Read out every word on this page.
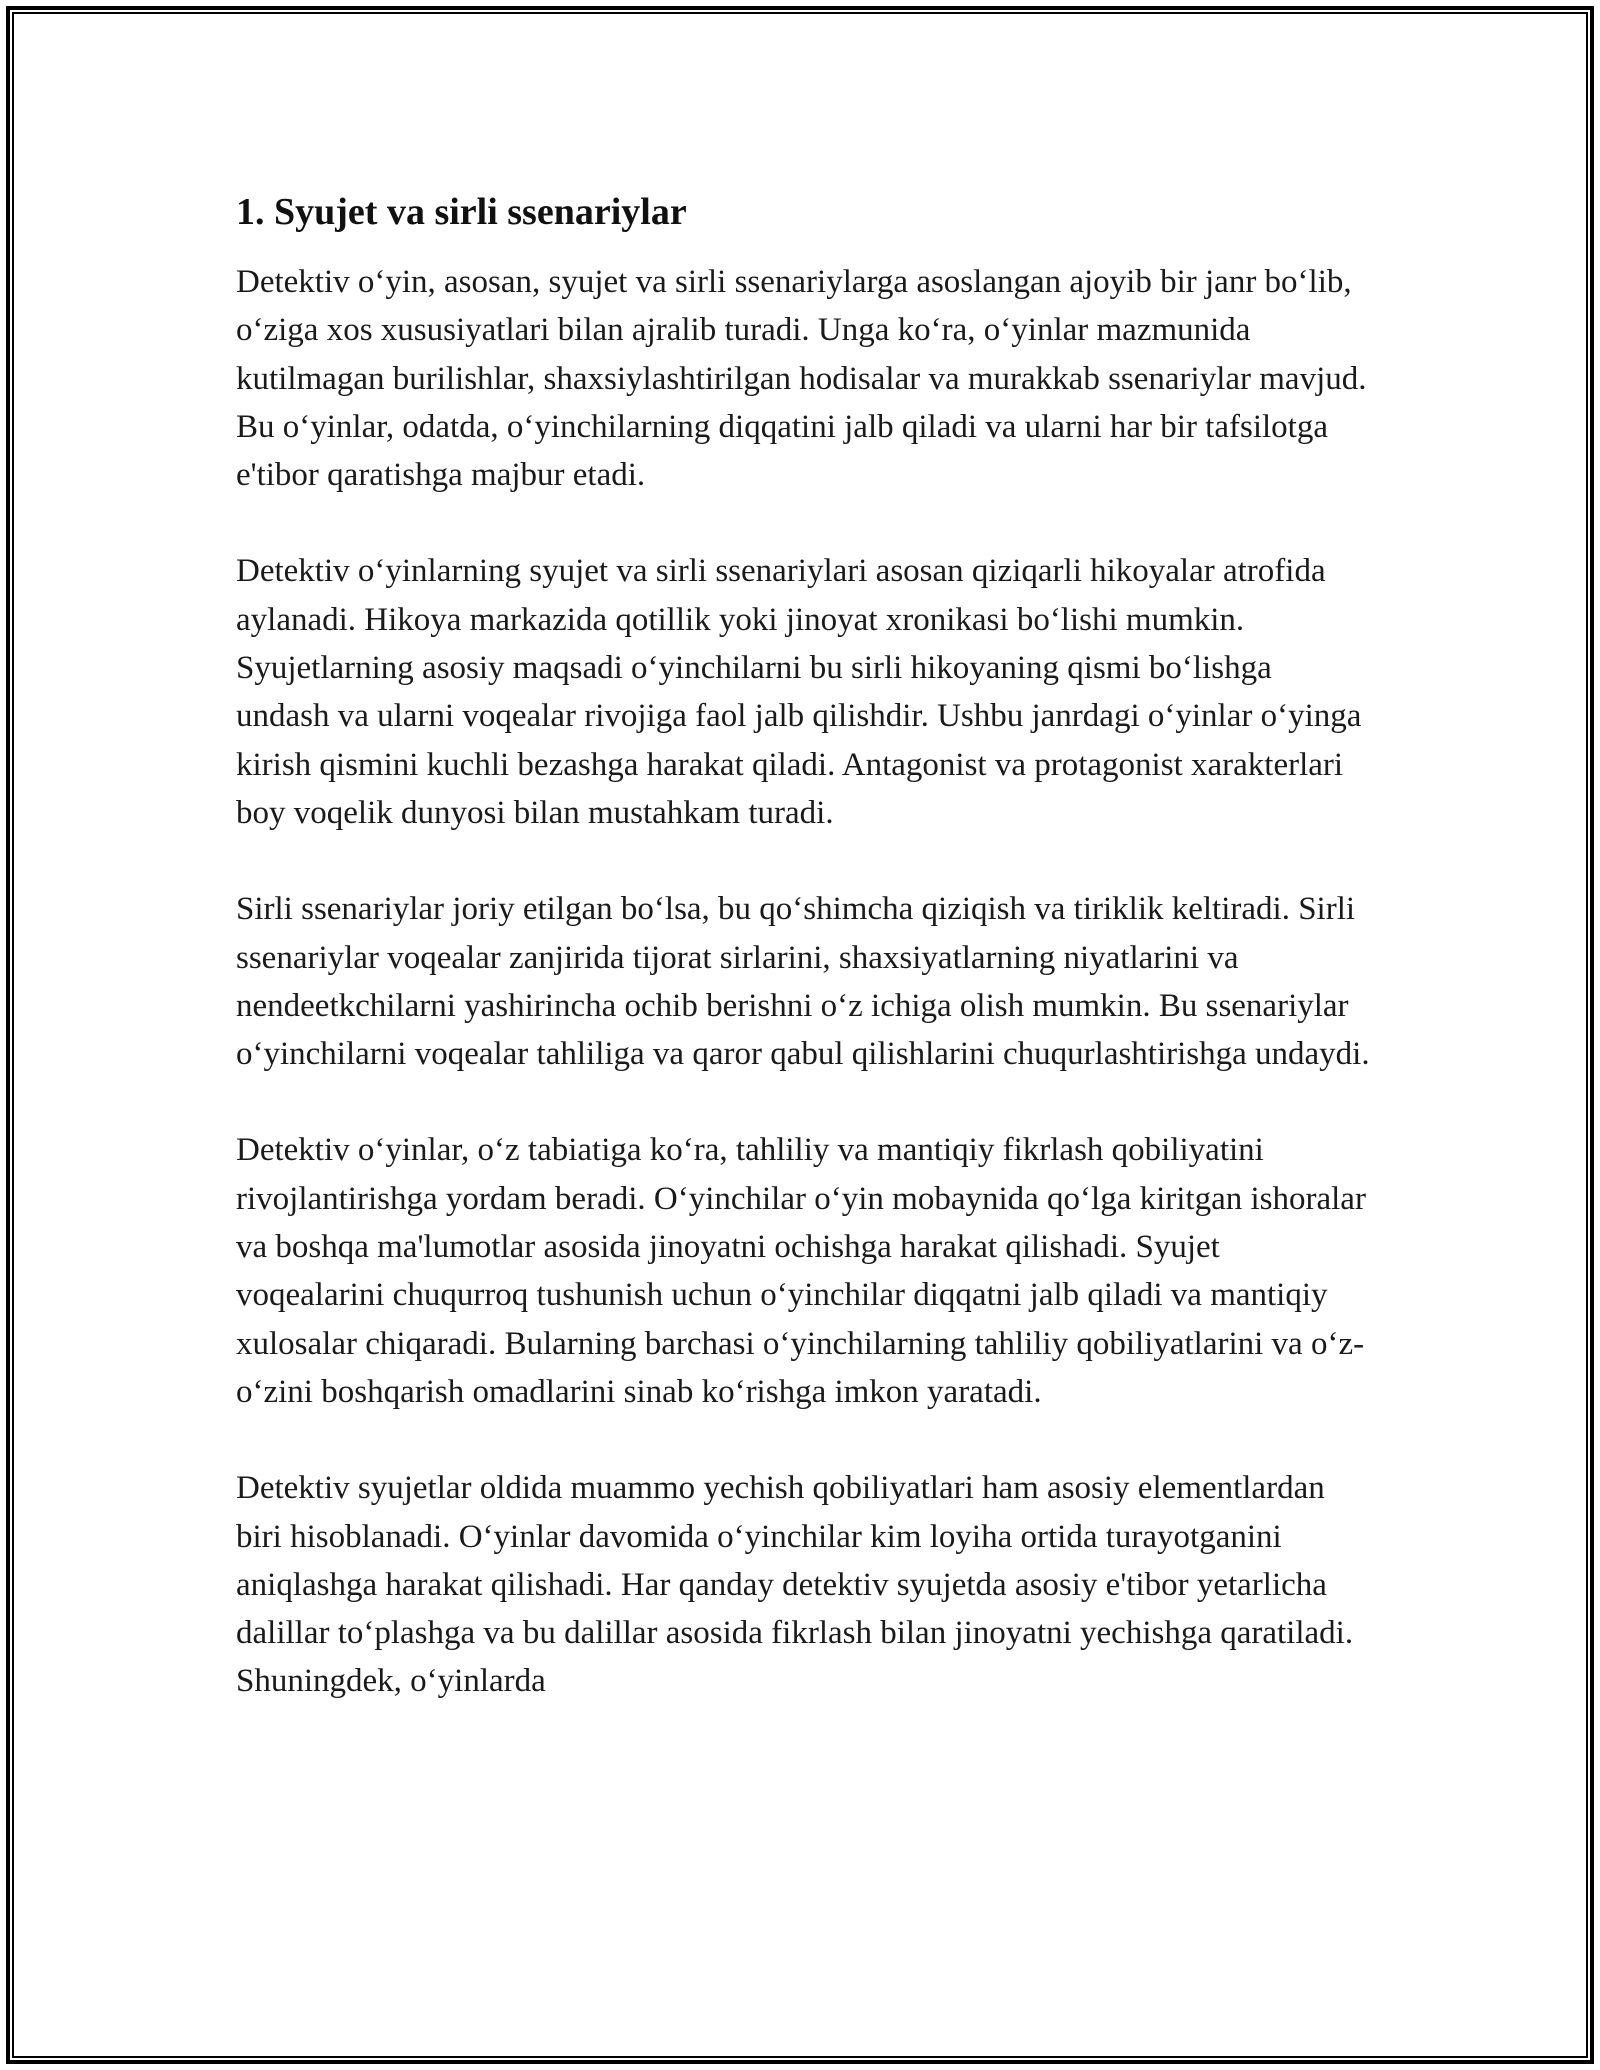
1. Syujet va sirli ssenariylar

Detektiv o‘yin, asosan, syujet va sirli ssenariylarga asoslangan ajoyib bir janr bo‘lib, o‘ziga xos xususiyatlari bilan ajralib turadi. Unga ko‘ra, o‘yinlar mazmunida kutilmagan burilishlar, shaxsiylashtirilgan hodisalar va murakkab ssenariylar mavjud. Bu o‘yinlar, odatda, o‘yinchilarning diqqatini jalb qiladi va ularni har bir tafsilotga e'tibor qaratishga majbur etadi.

Detektiv o‘yinlarning syujet va sirli ssenariylari asosan qiziqarli hikoyalar atrofida aylanadi. Hikoya markazida qotillik yoki jinoyat xronikasi bo‘lishi mumkin. Syujetlarning asosiy maqsadi o‘yinchilarni bu sirli hikoyaning qismi bo‘lishga undash va ularni voqealar rivojiga faol jalb qilishdir. Ushbu janrdagi o‘yinlar o‘yinga kirish qismini kuchli bezashga harakat qiladi. Antagonist va protagonist xarakterlari boy voqelik dunyosi bilan mustahkam turadi.

Sirli ssenariylar joriy etilgan bo‘lsa, bu qo‘shimcha qiziqish va tiriklik keltiradi. Sirli ssenariylar voqealar zanjirida tijorat sirlarini, shaxsiyatlarning niyatlarini va nendeetkchilarni yashirincha ochib berishni o‘z ichiga olish mumkin. Bu ssenariylar o‘yinchilarni voqealar tahliliga va qaror qabul qilishlarini chuqurlashtirishga undaydi.

Detektiv o‘yinlar, o‘z tabiatiga ko‘ra, tahliliy va mantiqiy fikrlash qobiliyatini rivojlantirishga yordam beradi. O‘yinchilar o‘yin mobaynida qo‘lga kiritgan ishoralar va boshqa ma'lumotlar asosida jinoyatni ochishga harakat qilishadi. Syujet voqealarini chuqurroq tushunish uchun o‘yinchilar diqqatni jalb qiladi va mantiqiy xulosalar chiqaradi. Bularning barchasi o‘yinchilarning tahliliy qobiliyatlarini va o‘z-o‘zini boshqarish omadlarini sinab ko‘rishga imkon yaratadi.

Detektiv syujetlar oldida muammo yechish qobiliyatlari ham asosiy elementlardan biri hisoblanadi. O‘yinlar davomida o‘yinchilar kim loyiha ortida turayotganini aniqlashga harakat qilishadi. Har qanday detektiv syujetda asosiy e'tibor yetarlicha dalillar to‘plashga va bu dalillar asosida fikrlash bilan jinoyatni yechishga qaratiladi. Shuningdek, o‘yinlarda
